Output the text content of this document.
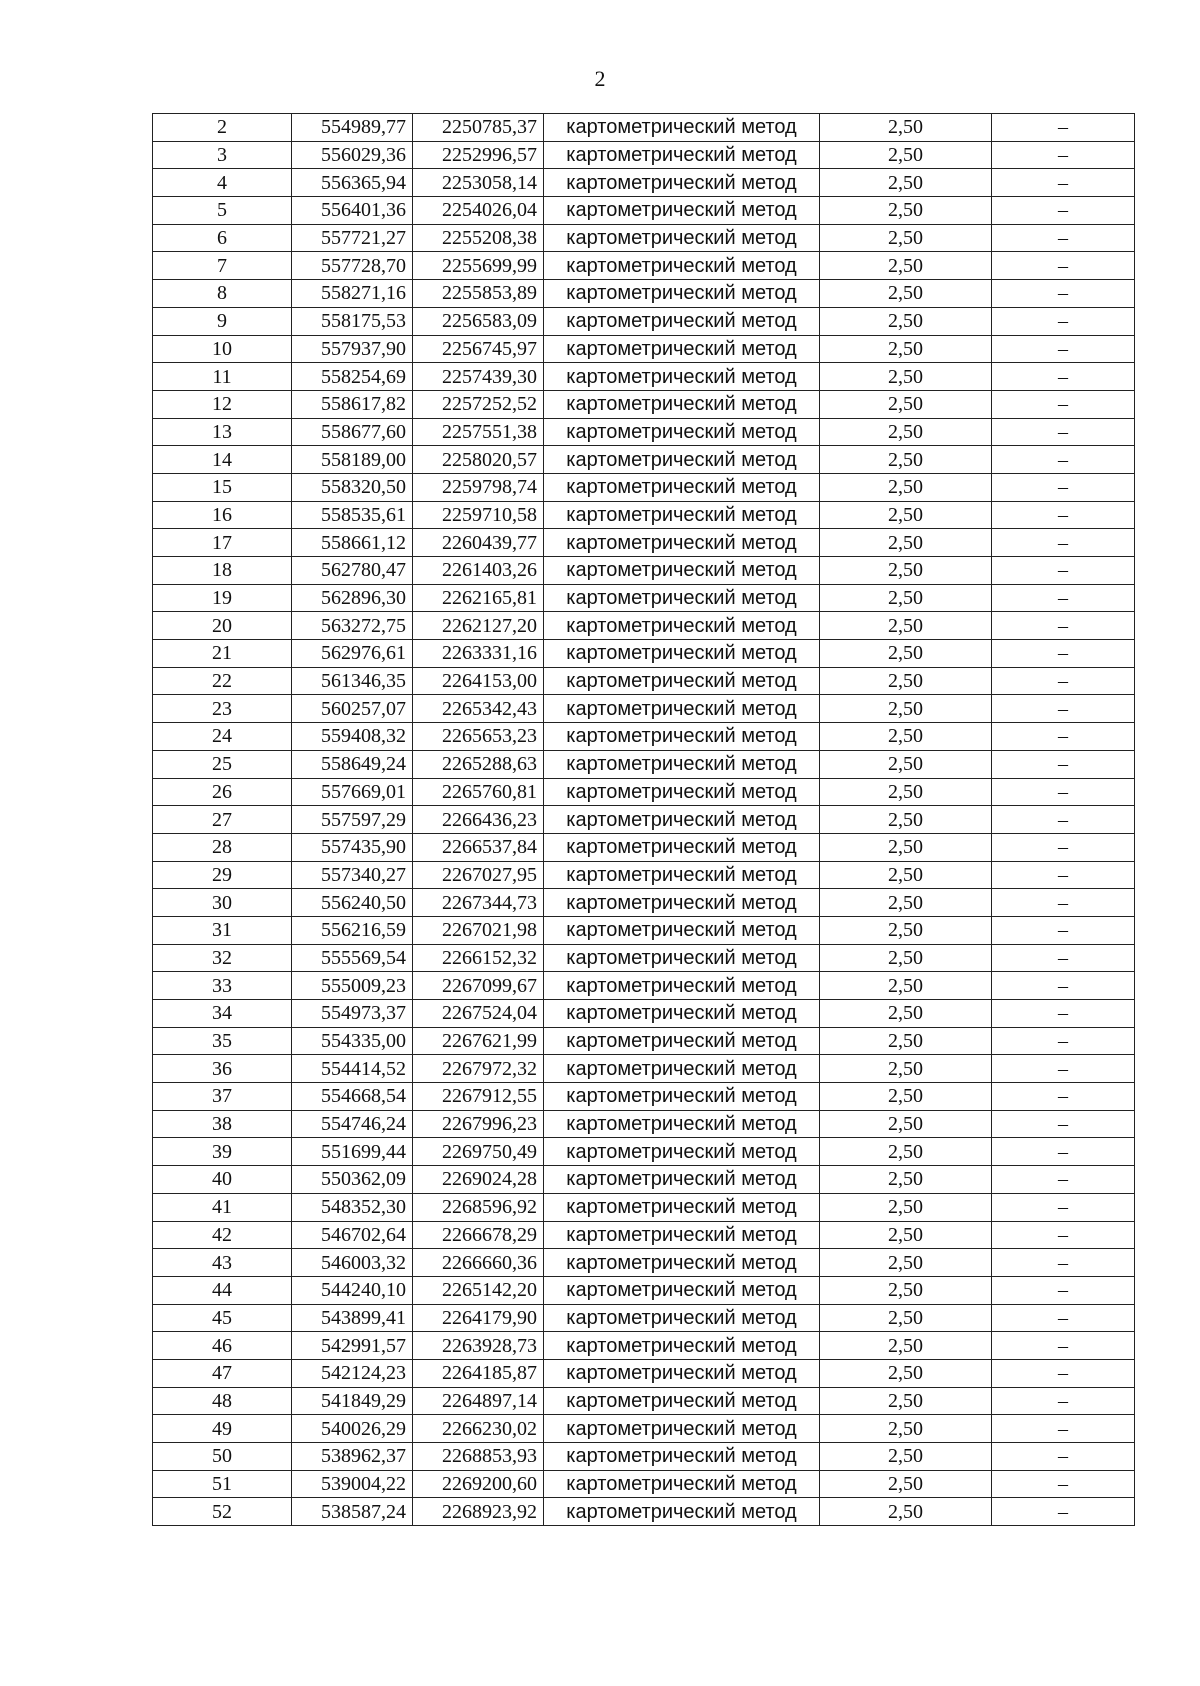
2
2	554989,77	2250785,37	картометрический метод	2,50	–
3	556029,36	2252996,57	картометрический метод	2,50	–
4	556365,94	2253058,14	картометрический метод	2,50	–
5	556401,36	2254026,04	картометрический метод	2,50	–
6	557721,27	2255208,38	картометрический метод	2,50	–
7	557728,70	2255699,99	картометрический метод	2,50	–
8	558271,16	2255853,89	картометрический метод	2,50	–
9	558175,53	2256583,09	картометрический метод	2,50	–
10	557937,90	2256745,97	картометрический метод	2,50	–
11	558254,69	2257439,30	картометрический метод	2,50	–
12	558617,82	2257252,52	картометрический метод	2,50	–
13	558677,60	2257551,38	картометрический метод	2,50	–
14	558189,00	2258020,57	картометрический метод	2,50	–
15	558320,50	2259798,74	картометрический метод	2,50	–
16	558535,61	2259710,58	картометрический метод	2,50	–
17	558661,12	2260439,77	картометрический метод	2,50	–
18	562780,47	2261403,26	картометрический метод	2,50	–
19	562896,30	2262165,81	картометрический метод	2,50	–
20	563272,75	2262127,20	картометрический метод	2,50	–
21	562976,61	2263331,16	картометрический метод	2,50	–
22	561346,35	2264153,00	картометрический метод	2,50	–
23	560257,07	2265342,43	картометрический метод	2,50	–
24	559408,32	2265653,23	картометрический метод	2,50	–
25	558649,24	2265288,63	картометрический метод	2,50	–
26	557669,01	2265760,81	картометрический метод	2,50	–
27	557597,29	2266436,23	картометрический метод	2,50	–
28	557435,90	2266537,84	картометрический метод	2,50	–
29	557340,27	2267027,95	картометрический метод	2,50	–
30	556240,50	2267344,73	картометрический метод	2,50	–
31	556216,59	2267021,98	картометрический метод	2,50	–
32	555569,54	2266152,32	картометрический метод	2,50	–
33	555009,23	2267099,67	картометрический метод	2,50	–
34	554973,37	2267524,04	картометрический метод	2,50	–
35	554335,00	2267621,99	картометрический метод	2,50	–
36	554414,52	2267972,32	картометрический метод	2,50	–
37	554668,54	2267912,55	картометрический метод	2,50	–
38	554746,24	2267996,23	картометрический метод	2,50	–
39	551699,44	2269750,49	картометрический метод	2,50	–
40	550362,09	2269024,28	картометрический метод	2,50	–
41	548352,30	2268596,92	картометрический метод	2,50	–
42	546702,64	2266678,29	картометрический метод	2,50	–
43	546003,32	2266660,36	картометрический метод	2,50	–
44	544240,10	2265142,20	картометрический метод	2,50	–
45	543899,41	2264179,90	картометрический метод	2,50	–
46	542991,57	2263928,73	картометрический метод	2,50	–
47	542124,23	2264185,87	картометрический метод	2,50	–
48	541849,29	2264897,14	картометрический метод	2,50	–
49	540026,29	2266230,02	картометрический метод	2,50	–
50	538962,37	2268853,93	картометрический метод	2,50	–
51	539004,22	2269200,60	картометрический метод	2,50	–
52	538587,24	2268923,92	картометрический метод	2,50	–
